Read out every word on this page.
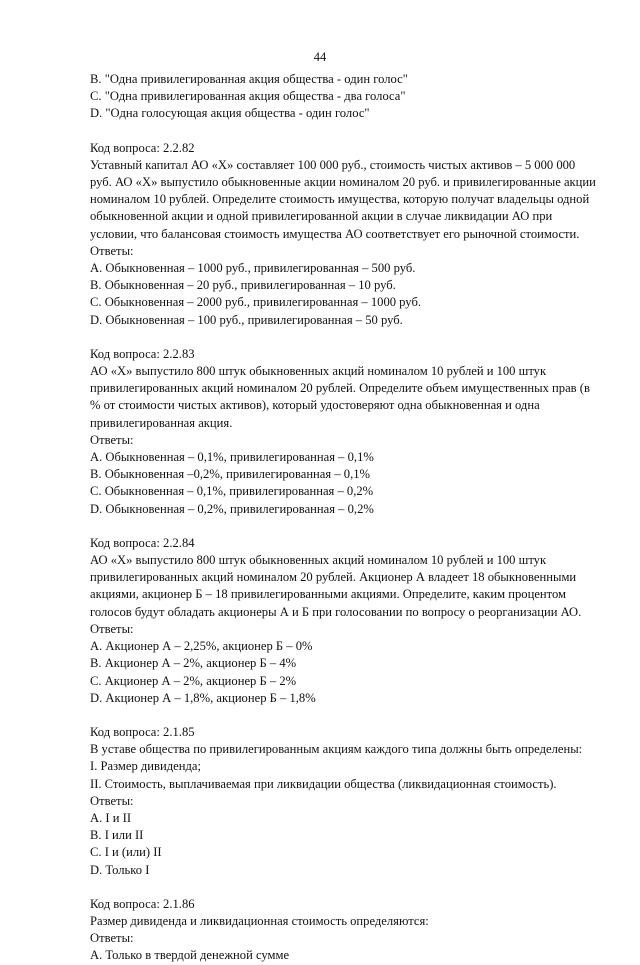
44
B. "Одна привилегированная акция общества - один голос"
C. "Одна привилегированная акция общества - два голоса"
D. "Одна голосующая акция общества - один голос"
Код вопроса: 2.2.82
Уставный капитал АО «Х» составляет 100 000 руб., стоимость чистых активов – 5 000 000
руб. АО «Х» выпустило обыкновенные акции номиналом 20 руб. и привилегированные акции
номиналом 10 рублей. Определите стоимость имущества, которую получат владельцы одной
обыкновенной акции и одной привилегированной акции в случае ликвидации АО при
условии, что балансовая стоимость имущества АО соответствует его рыночной стоимости.
Ответы:
A. Обыкновенная – 1000 руб., привилегированная – 500 руб.
B. Обыкновенная – 20 руб., привилегированная – 10 руб.
C. Обыкновенная – 2000 руб., привилегированная – 1000 руб.
D. Обыкновенная – 100 руб., привилегированная – 50 руб.
Код вопроса: 2.2.83
АО «Х» выпустило 800 штук обыкновенных акций номиналом 10 рублей и 100 штук
привилегированных акций номиналом 20 рублей. Определите объем имущественных прав (в
% от стоимости чистых активов), который удостоверяют одна обыкновенная и одна
привилегированная акция.
Ответы:
A. Обыкновенная – 0,1%, привилегированная – 0,1%
B. Обыкновенная –0,2%, привилегированная – 0,1%
C. Обыкновенная – 0,1%, привилегированная – 0,2%
D. Обыкновенная – 0,2%, привилегированная – 0,2%
Код вопроса: 2.2.84
АО «Х» выпустило 800 штук обыкновенных акций номиналом 10 рублей и 100 штук
привилегированных акций номиналом 20 рублей. Акционер А владеет 18 обыкновенными
акциями, акционер Б – 18 привилегированными акциями. Определите, каким процентом
голосов будут обладать акционеры А и Б при голосовании по вопросу о реорганизации АО.
Ответы:
A. Акционер А – 2,25%, акционер Б – 0%
B. Акционер А – 2%, акционер Б – 4%
C. Акционер А – 2%, акционер Б – 2%
D. Акционер А – 1,8%, акционер Б – 1,8%
Код вопроса: 2.1.85
В уставе общества по привилегированным акциям каждого типа должны быть определены:
I. Размер дивиденда;
II. Стоимость, выплачиваемая при ликвидации общества (ликвидационная стоимость).
Ответы:
A. I и II
B. I или II
C. I и (или) II
D. Только I
Код вопроса: 2.1.86
Размер дивиденда и ликвидационная стоимость определяются:
Ответы:
A. Только в твердой денежной сумме
